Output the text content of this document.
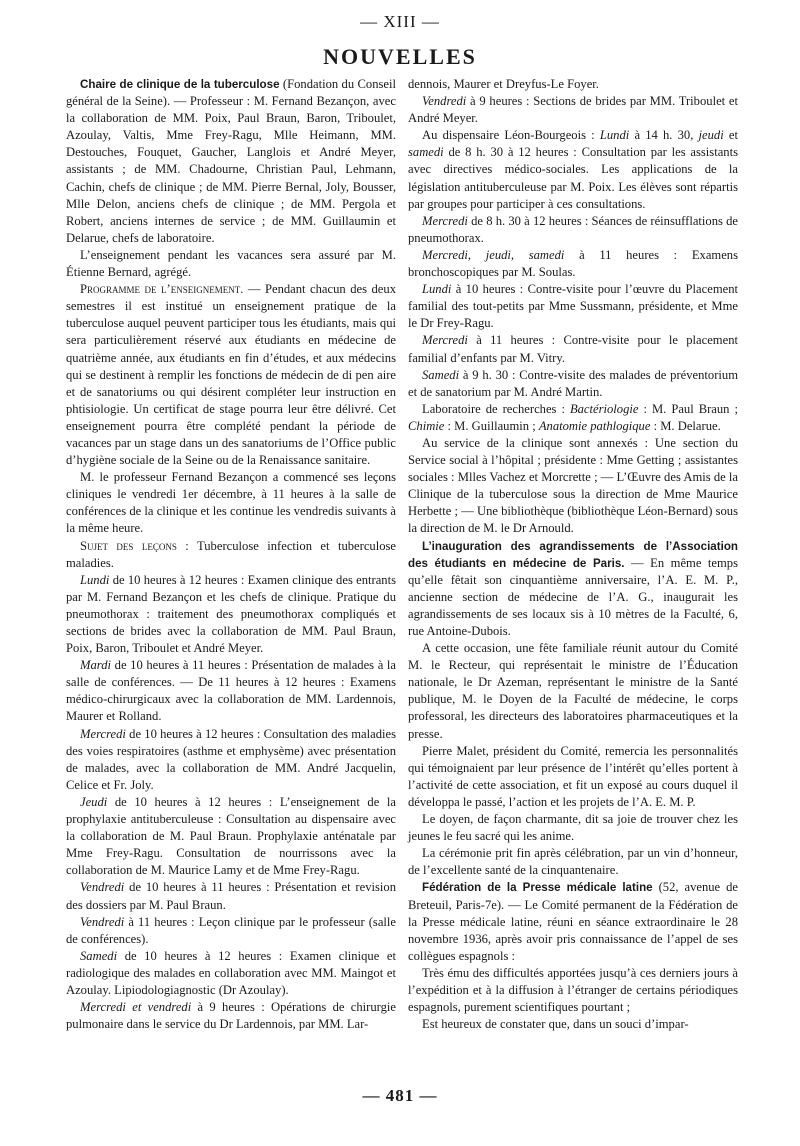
— XIII —
NOUVELLES

Chaire de clinique de la tuberculose (Fondation du Conseil général de la Seine). — Professeur : M. Fernand Bezançon, avec la collaboration de MM. Poix, Paul Braun, Baron, Triboulet, Azoulay, Valtis, Mme Frey-Ragu, Mlle Heimann, MM. Destouches, Fouquet, Gaucher, Langlois et André Meyer, assistants ; de MM. Chadourne, Christian Paul, Lehmann, Cachin, chefs de clinique ; de MM. Pierre Bernal, Joly, Bousser, Mlle Delon, anciens chefs de clinique ; de MM. Pergola et Robert, anciens internes de service ; de MM. Guillaumin et Delarue, chefs de laboratoire.

L’enseignement pendant les vacances sera assuré par M. Étienne Bernard, agrégé.

Programme de l’enseignement. — Pendant chacun des deux semestres il est institué un enseignement pratique de la tuberculose auquel peuvent participer tous les étudiants, mais qui sera particulièrement réservé aux étudiants en médecine de quatrième année, aux étudiants en fin d’études, et aux médecins qui se destinent à remplir les fonctions de médecin de di pen aire et de sanatoriums ou qui désirent compléter leur instruction en phtisiologie. Un certificat de stage pourra leur être délivré. Cet enseignement pourra être complété pendant la période de vacances par un stage dans un des sanatoriums de l’Office public d’hygiène sociale de la Seine ou de la Renaissance sanitaire.

M. le professeur Fernand Bezançon a commencé ses leçons cliniques le vendredi 1er décembre, à 11 heures à la salle de conférences de la clinique et les continue les vendredis suivants à la même heure.

Sujet des leçons : Tuberculose infection et tuberculose maladies.

Lundi de 10 heures à 12 heures : Examen clinique des entrants par M. Fernand Bezançon et les chefs de clinique. Pratique du pneumothorax : traitement des pneumothorax compliqués et sections de brides avec la collaboration de MM. Paul Braun, Poix, Baron, Triboulet et André Meyer.

Mardi de 10 heures à 11 heures : Présentation de malades à la salle de conférences. — De 11 heures à 12 heures : Examens médico-chirurgicaux avec la collaboration de MM. Lardennois, Maurer et Rolland.

Mercredi de 10 heures à 12 heures : Consultation des maladies des voies respiratoires (asthme et emphysème) avec présentation de malades, avec la collaboration de MM. André Jacquelin, Celice et Fr. Joly.

Jeudi de 10 heures à 12 heures : L’enseignement de la prophylaxie antituberculeuse : Consultation au dispensaire avec la collaboration de M. Paul Braun. Prophylaxie anténatale par Mme Frey-Ragu. Consultation de nourrissons avec la collaboration de M. Maurice Lamy et de Mme Frey-Ragu.

Vendredi de 10 heures à 11 heures : Présentation et revision des dossiers par M. Paul Braun.

Vendredi à 11 heures : Leçon clinique par le professeur (salle de conférences).

Samedi de 10 heures à 12 heures : Examen clinique et radiologique des malades en collaboration avec MM. Maingot et Azoulay. Lipiodologiagnostic (Dr Azoulay).

Mercredi et vendredi à 9 heures : Opérations de chirurgie pulmonaire dans le service du Dr Lardennois, par MM. Lar-

dennois, Maurer et Dreyfus-Le Foyer.

Vendredi à 9 heures : Sections de brides par MM. Triboulet et André Meyer.

Au dispensaire Léon-Bourgeois : Lundi à 14 h. 30, jeudi et samedi de 8 h. 30 à 12 heures : Consultation par les assistants avec directives médico-sociales. Les applications de la législation antituberculeuse par M. Poix. Les élèves sont répartis par groupes pour participer à ces consultations.

Mercredi de 8 h. 30 à 12 heures : Séances de réinsufflations de pneumothorax.

Mercredi, jeudi, samedi à 11 heures : Examens bronchoscopiques par M. Soulas.

Lundi à 10 heures : Contre-visite pour l’œuvre du Placement familial des tout-petits par Mme Sussmann, présidente, et Mme le Dr Frey-Ragu.

Mercredi à 11 heures : Contre-visite pour le placement familial d’enfants par M. Vitry.

Samedi à 9 h. 30 : Contre-visite des malades de préventorium et de sanatorium par M. André Martin.

Laboratoire de recherches : Bactériologie : M. Paul Braun ; Chimie : M. Guillaumin ; Anatomie pathlogique : M. Delarue.

Au service de la clinique sont annexés : Une section du Service social à l’hôpital ; présidente : Mme Getting ; assistantes sociales : Mlles Vachez et Morcrette ; — L’Œuvre des Amis de la Clinique de la tuberculose sous la direction de Mme Maurice Herbette ; — Une bibliothèque (bibliothèque Léon-Bernard) sous la direction de M. le Dr Arnould.

L’inauguration des agrandissements de l’Association des étudiants en médecine de Paris. — En même temps qu’elle fêtait son cinquantième anniversaire, l’A. E. M. P., ancienne section de médecine de l’A. G., inaugurait les agrandissements de ses locaux sis à 10 mètres de la Faculté, 6, rue Antoine-Dubois.

A cette occasion, une fête familiale réunit autour du Comité M. le Recteur, qui représentait le ministre de l’Éducation nationale, le Dr Azeman, représentant le ministre de la Santé publique, M. le Doyen de la Faculté de médecine, le corps professoral, les directeurs des laboratoires pharmaceutiques et la presse.

Pierre Malet, président du Comité, remercia les personnalités qui témoignaient par leur présence de l’intérêt qu’elles portent à l’activité de cette association, et fit un exposé au cours duquel il développa le passé, l’action et les projets de l’A. E. M. P.

Le doyen, de façon charmante, dit sa joie de trouver chez les jeunes le feu sacré qui les anime.

La cérémonie prit fin après célébration, par un vin d’honneur, de l’excellente santé de la cinquantenaire.

Fédération de la Presse médicale latine (52, avenue de Breteuil, Paris-7e). — Le Comité permanent de la Fédération de la Presse médicale latine, réuni en séance extraordinaire le 28 novembre 1936, après avoir pris connaissance de l’appel de ses collègues espagnols :

Très ému des difficultés apportées jusqu’à ces derniers jours à l’expédition et à la diffusion à l’étranger de certains périodiques espagnols, purement scientifiques pourtant ;

Est heureux de constater que, dans un souci d’impar-

— 481 —
